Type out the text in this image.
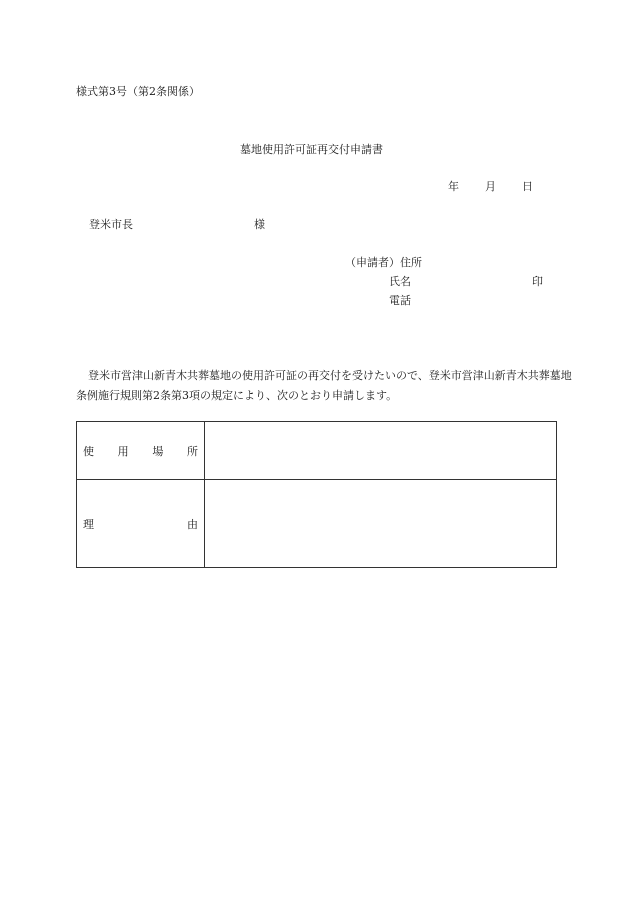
様式第3号（第2条関係）
墓地使用許可証再交付申請書
年 月 日
登米市長	様
（申請者）住所
氏名	印
電話
登米市営津山新青木共葬墓地の使用許可証の再交付を受けたいので、登米市営津山新青木共葬墓地条例施行規則第2条第3項の規定により、次のとおり申請します。
使 用 場 所	

理 由	
